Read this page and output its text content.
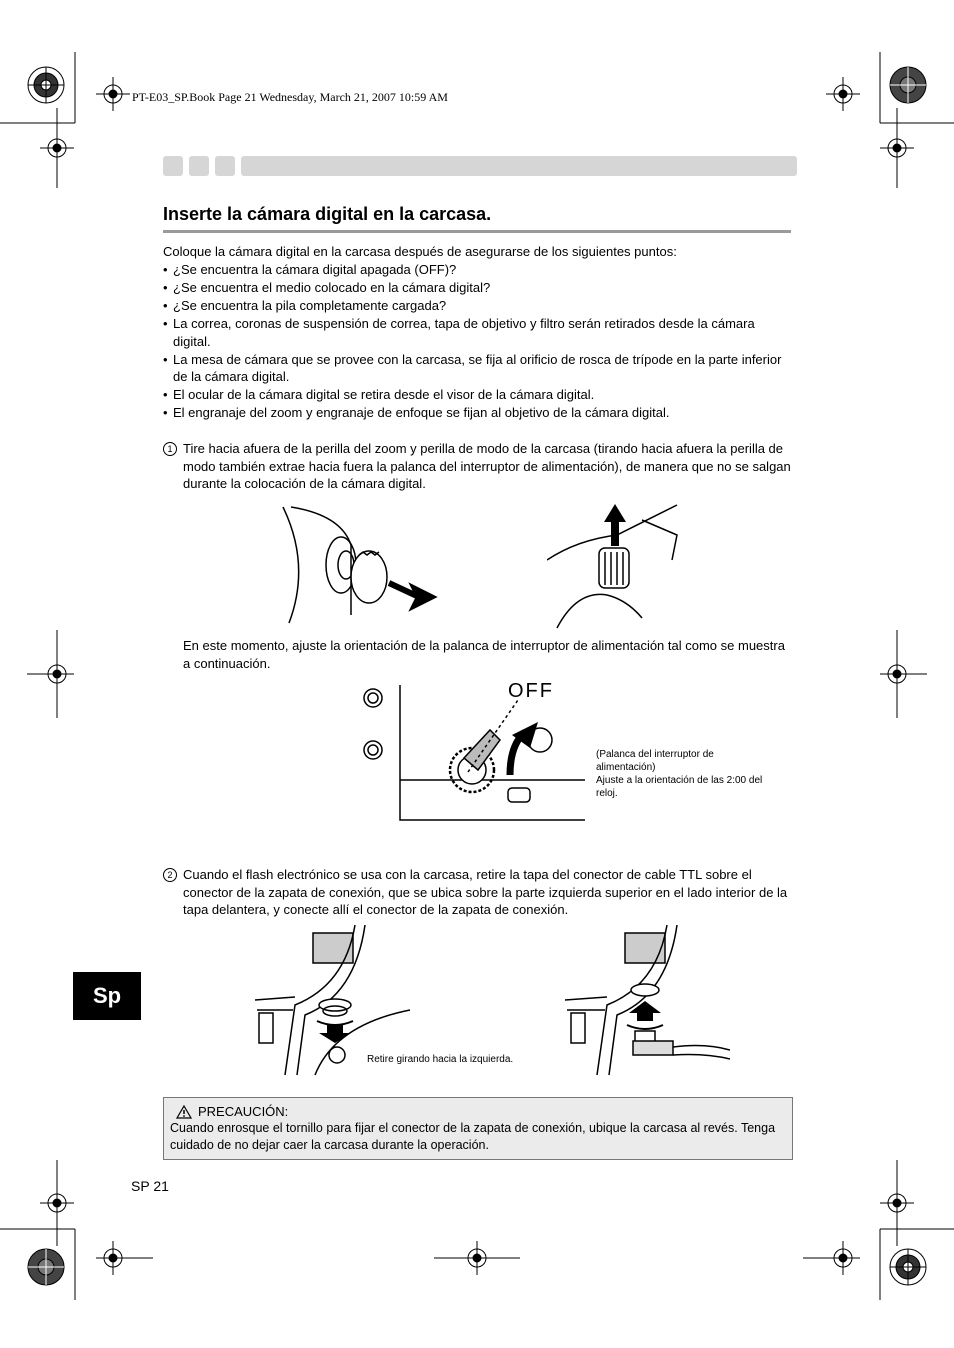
PT-E03_SP.Book Page 21 Wednesday, March 21, 2007 10:59 AM
Inserte la cámara digital en la carcasa.
Coloque la cámara digital en la carcasa después de asegurarse de los siguientes puntos:
• ¿Se encuentra la cámara digital apagada (OFF)?
• ¿Se encuentra el medio colocado en la cámara digital?
• ¿Se encuentra la pila completamente cargada?
• La correa, coronas de suspensión de correa, tapa de objetivo y filtro serán retirados desde la cámara digital.
• La mesa de cámara que se provee con la carcasa, se fija al orificio de rosca de trípode en la parte inferior de la cámara digital.
• El ocular de la cámara digital se retira desde el visor de la cámara digital.
• El engranaje del zoom y engranaje de enfoque se fijan al objetivo de la cámara digital.
1 Tire hacia afuera de la perilla del zoom y perilla de modo de la carcasa (tirando hacia afuera la perilla de modo también extrae hacia fuera la palanca del interruptor de alimentación), de manera que no se salgan durante la colocación de la cámara digital.
En este momento, ajuste la orientación de la palanca de interruptor de alimentación tal como se muestra a continuación.
OFF
(Palanca del interruptor de
alimentación)
Ajuste a la orientación de las 2:00 del
reloj.
2 Cuando el flash electrónico se usa con la carcasa, retire la tapa del conector de cable TTL sobre el conector de la zapata de conexión, que se ubica sobre la parte izquierda superior en el lado interior de la tapa delantera, y conecte allí el conector de la zapata de conexión.
Retire girando hacia la izquierda.
Sp
PRECAUCIÓN:
Cuando enrosque el tornillo para fijar el conector de la zapata de conexión, ubique la carcasa al revés. Tenga cuidado de no dejar caer la carcasa durante la operación.
SP 21
